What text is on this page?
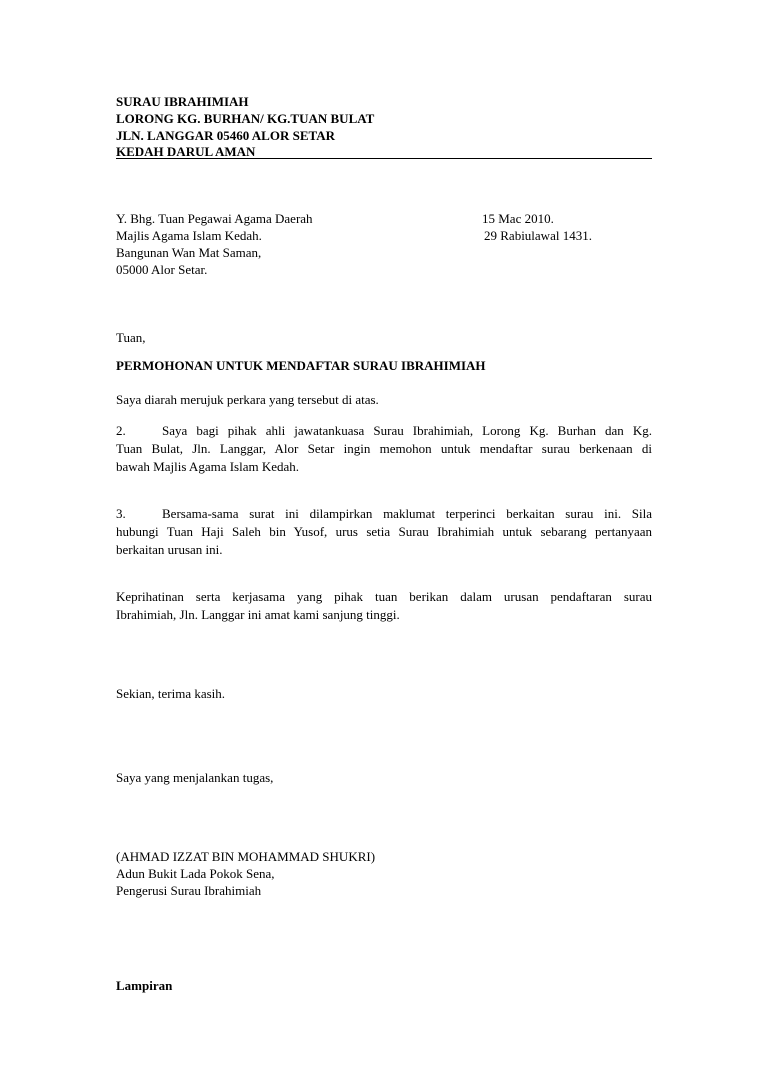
SURAU IBRAHIMIAH
LORONG KG. BURHAN/ KG.TUAN BULAT
JLN. LANGGAR 05460 ALOR SETAR
KEDAH DARUL AMAN
Y. Bhg. Tuan Pegawai Agama Daerah
Majlis Agama Islam Kedah.
Bangunan Wan Mat Saman,
05000 Alor Setar.
15 Mac 2010.
29 Rabiulawal 1431.
Tuan,
PERMOHONAN UNTUK MENDAFTAR SURAU IBRAHIMIAH
Saya diarah merujuk perkara yang tersebut di atas.
2.	Saya bagi pihak ahli jawatankuasa Surau Ibrahimiah, Lorong Kg. Burhan dan Kg.
Tuan Bulat, Jln. Langgar, Alor Setar ingin memohon untuk mendaftar surau berkenaan di
bawah Majlis Agama Islam Kedah.
3.	Bersama-sama surat ini dilampirkan maklumat terperinci berkaitan surau ini. Sila
hubungi Tuan Haji Saleh bin Yusof, urus setia Surau Ibrahimiah untuk sebarang pertanyaan
berkaitan urusan ini.
Keprihatinan serta kerjasama yang pihak tuan berikan dalam urusan pendaftaran surau
Ibrahimiah, Jln. Langgar ini amat kami sanjung tinggi.
Sekian, terima kasih.
Saya yang menjalankan tugas,
(AHMAD IZZAT BIN MOHAMMAD SHUKRI)
Adun Bukit Lada Pokok Sena,
Pengerusi Surau Ibrahimiah
Lampiran
